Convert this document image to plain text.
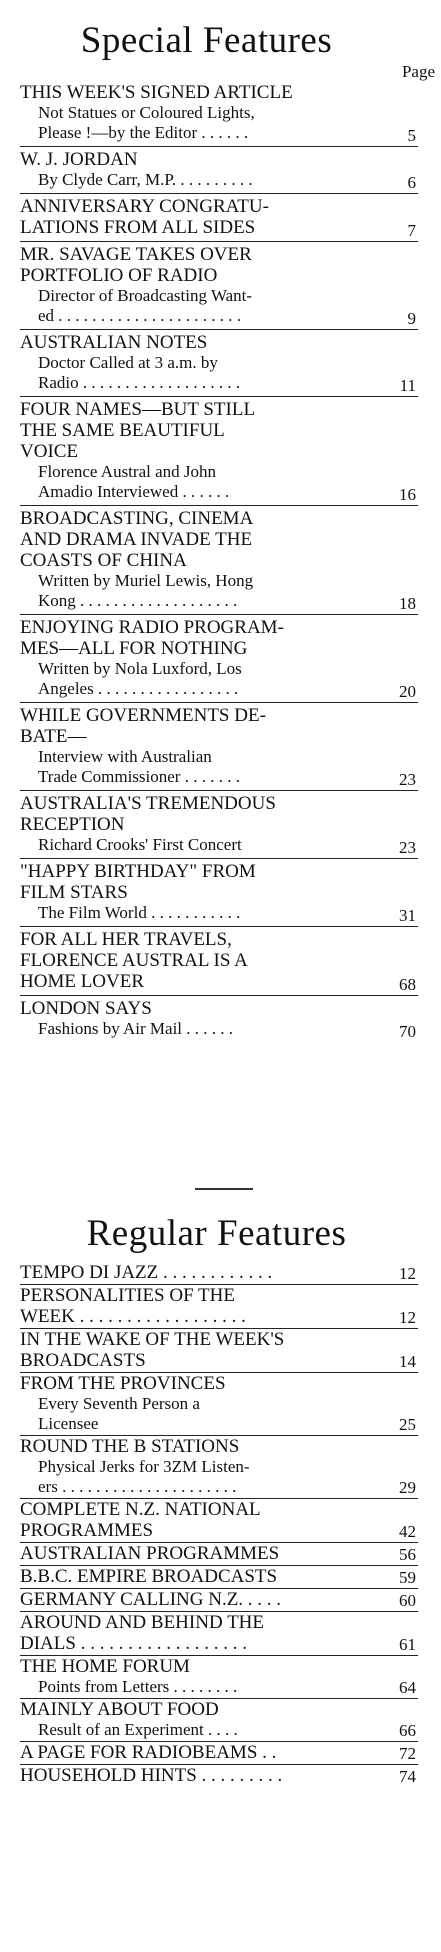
Special Features
Page
THIS WEEK'S SIGNED ARTICLE
Not Statues or Coloured Lights,
Please !—by the Editor . . . . . .	5
W. J. JORDAN
By Clyde Carr, M.P. . . . . . . . . .	6
ANNIVERSARY CONGRATU-
LATIONS FROM ALL SIDES	7
MR. SAVAGE TAKES OVER
PORTFOLIO OF RADIO
Director of Broadcasting Want-
ed . . . . . . . . . . . . . . . . . . . . . .	9
AUSTRALIAN NOTES
Doctor Called at 3 a.m. by
Radio . . . . . . . . . . . . . . . . . . .	11
FOUR NAMES—BUT STILL
THE SAME BEAUTIFUL
VOICE
Florence Austral and John
Amadio Interviewed . . . . . .	16
BROADCASTING, CINEMA
AND DRAMA INVADE THE
COASTS OF CHINA
Written by Muriel Lewis, Hong
Kong . . . . . . . . . . . . . . . . . . .	18
ENJOYING RADIO PROGRAM-
MES—ALL FOR NOTHING
Written by Nola Luxford, Los
Angeles . . . . . . . . . . . . . . . . .	20
WHILE GOVERNMENTS DE-
BATE—
Interview with Australian
Trade Commissioner . . . . . . .	23
AUSTRALIA'S TREMENDOUS
RECEPTION
Richard Crooks' First Concert	23
"HAPPY BIRTHDAY" FROM
FILM STARS
The Film World . . . . . . . . . . .	31
FOR ALL HER TRAVELS,
FLORENCE AUSTRAL IS A
HOME LOVER	68
LONDON SAYS
Fashions by Air Mail . . . . . .	70
Regular Features
TEMPO DI JAZZ . . . . . . . . . . . .	12
PERSONALITIES OF THE
WEEK . . . . . . . . . . . . . . . . . .	12
IN THE WAKE OF THE WEEK'S
BROADCASTS	14
FROM THE PROVINCES
Every Seventh Person a
Licensee	25
ROUND THE B STATIONS
Physical Jerks for 3ZM Listen-
ers . . . . . . . . . . . . . . . . . . . . .	29
COMPLETE N.Z. NATIONAL
PROGRAMMES	42
AUSTRALIAN PROGRAMMES	56
B.B.C. EMPIRE BROADCASTS	59
GERMANY CALLING N.Z. . . . .	60
AROUND AND BEHIND THE
DIALS . . . . . . . . . . . . . . . . . .	61
THE HOME FORUM
Points from Letters . . . . . . . .	64
MAINLY ABOUT FOOD
Result of an Experiment . . . .	66
A PAGE FOR RADIOBEAMS . .	72
HOUSEHOLD HINTS . . . . . . . . .	74
